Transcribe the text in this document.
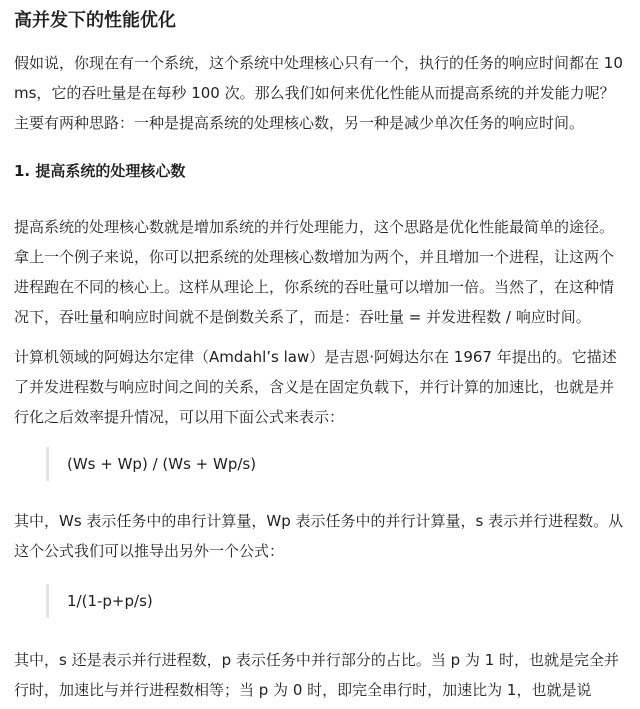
高并发下的性能优化

假如说，你现在有一个系统，这个系统中处理核心只有一个，执行的任务的响应时间都在 10ms，它的吞吐量是在每秒 100 次。那么我们如何来优化性能从而提高系统的并发能力呢？主要有两种思路：一种是提高系统的处理核心数，另一种是减少单次任务的响应时间。

1. 提高系统的处理核心数

提高系统的处理核心数就是增加系统的并行处理能力，这个思路是优化性能最简单的途径。拿上一个例子来说，你可以把系统的处理核心数增加为两个，并且增加一个进程，让这两个进程跑在不同的核心上。这样从理论上，你系统的吞吐量可以增加一倍。当然了，在这种情况下，吞吐量和响应时间就不是倒数关系了，而是：吞吐量 = 并发进程数 / 响应时间。

计算机领域的阿姆达尔定律（Amdahl’s law）是吉恩·阿姆达尔在 1967 年提出的。它描述了并发进程数与响应时间之间的关系，含义是在固定负载下，并行计算的加速比，也就是并行化之后效率提升情况，可以用下面公式来表示：

(Ws + Wp) / (Ws + Wp/s)

其中，Ws 表示任务中的串行计算量，Wp 表示任务中的并行计算量，s 表示并行进程数。从这个公式我们可以推导出另外一个公式：

1/(1-p+p/s)

其中，s 还是表示并行进程数，p 表示任务中并行部分的占比。当 p 为 1 时，也就是完全并行时，加速比与并行进程数相等；当 p 为 0 时，即完全串行时，加速比为 1，也就是说
